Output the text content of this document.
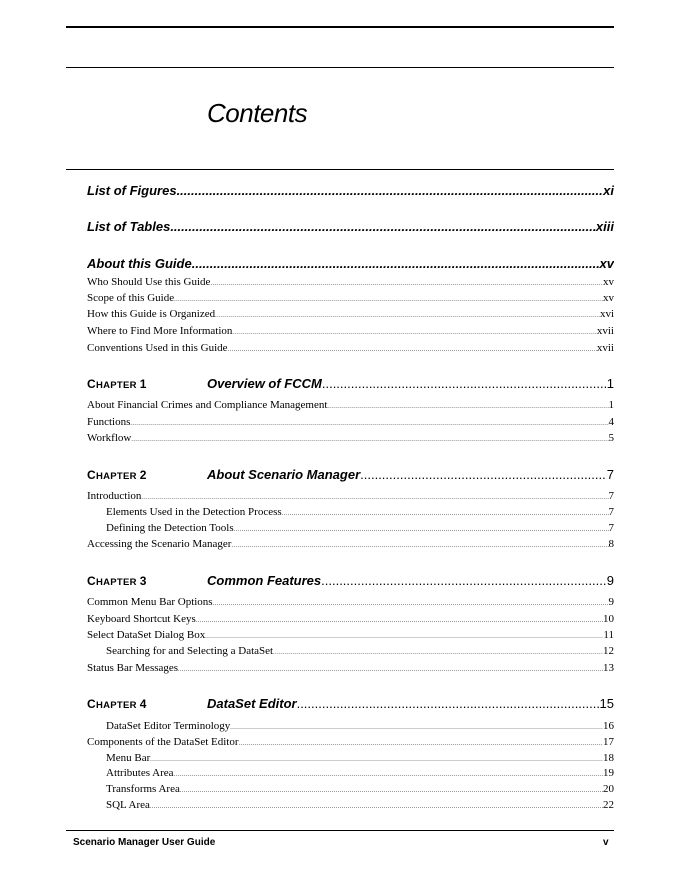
Contents
List of Figures .....	xi
List of Tables .....	xiii
About this Guide .....	xv
Who Should Use this Guide .....	xv
Scope of this Guide .....	xv
How this Guide is Organized .....	xvi
Where to Find More Information .....	xvii
Conventions Used in this Guide .....	xvii
CHAPTER 1	Overview of FCCM .....	1
About Financial Crimes and Compliance Management .....	1
Functions .....	4
Workflow .....	5
CHAPTER 2	About Scenario Manager .....	7
Introduction .....	7
Elements Used in the Detection Process .....	7
Defining the Detection Tools .....	7
Accessing the Scenario Manager .....	8
CHAPTER 3	Common Features .....	9
Common Menu Bar Options .....	9
Keyboard Shortcut Keys .....	10
Select DataSet Dialog Box .....	11
Searching for and Selecting a DataSet .....	12
Status Bar Messages .....	13
CHAPTER 4	DataSet Editor .....	15
DataSet Editor Terminology .....	16
Components of the DataSet Editor .....	17
Menu Bar .....	18
Attributes Area .....	19
Transforms Area .....	20
SQL Area .....	22
Scenario Manager User Guide	v
